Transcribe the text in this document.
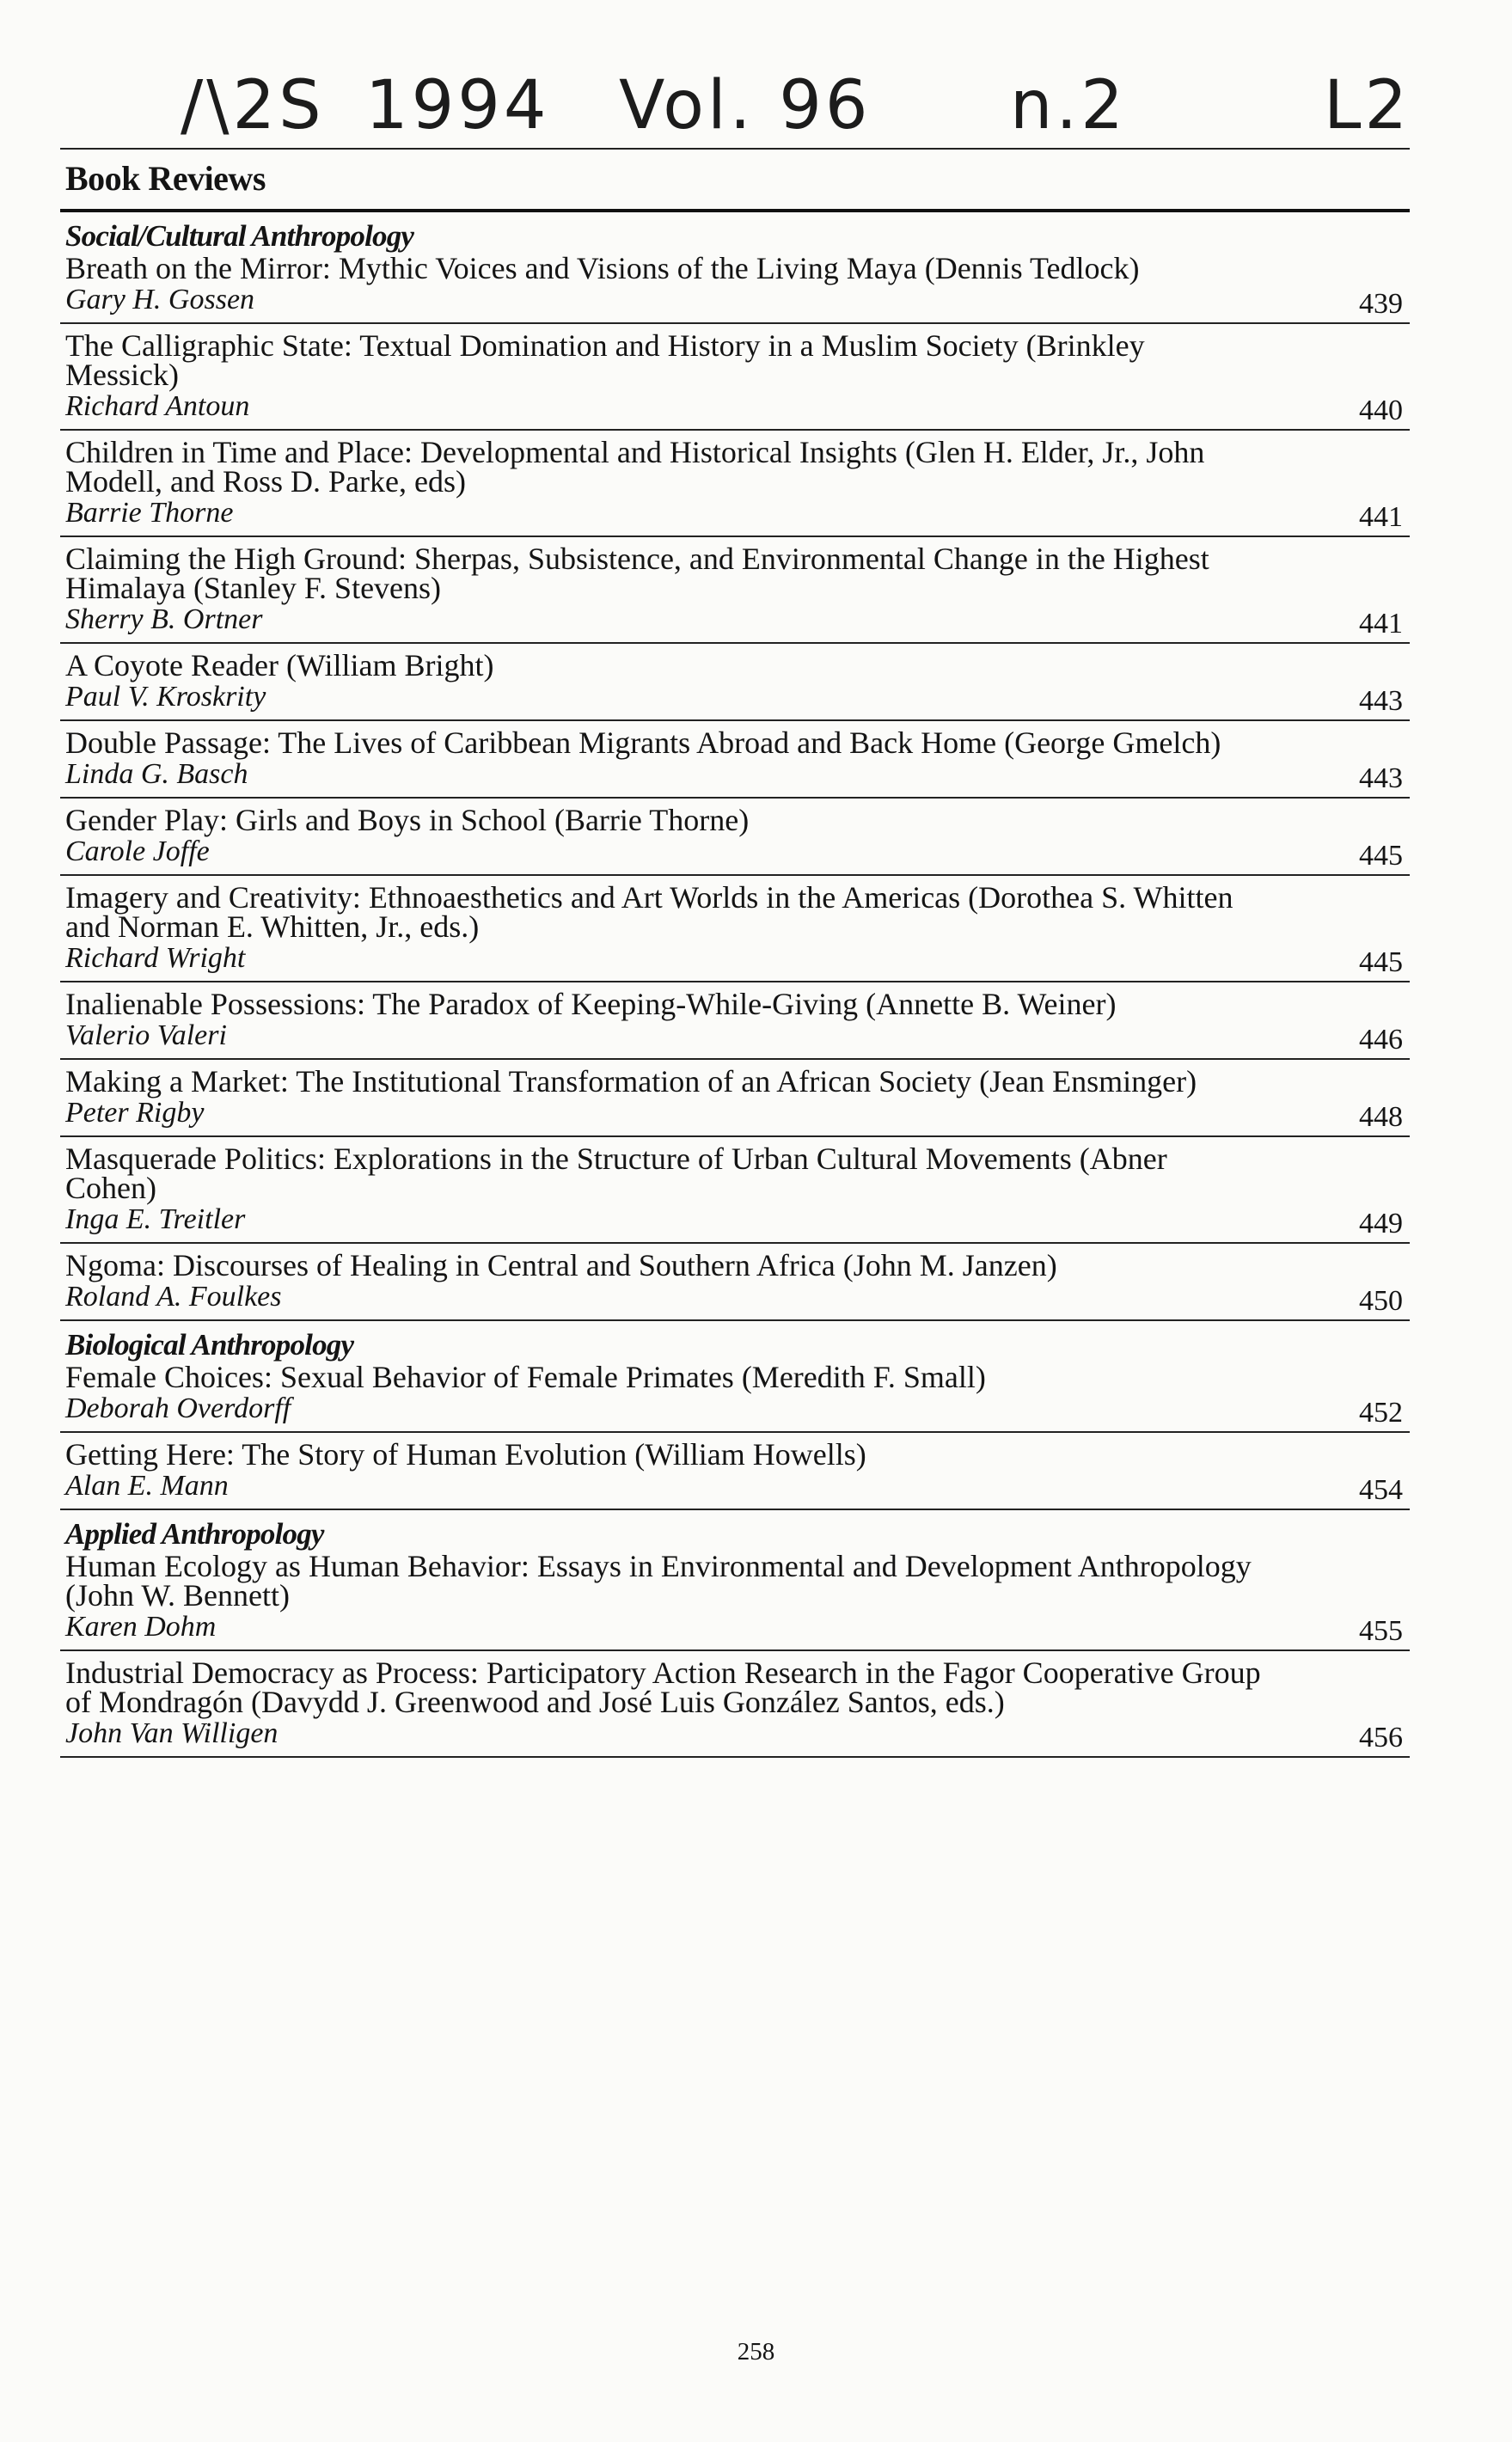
/\2S 1994 Vol. 96 n.2	L2
Book Reviews
Social/Cultural Anthropology
Breath on the Mirror: Mythic Voices and Visions of the Living Maya (Dennis Tedlock)
Gary H. Gossen	439
The Calligraphic State: Textual Domination and History in a Muslim Society (Brinkley Messick)
Richard Antoun	440
Children in Time and Place: Developmental and Historical Insights (Glen H. Elder, Jr., John Modell, and Ross D. Parke, eds)
Barrie Thorne	441
Claiming the High Ground: Sherpas, Subsistence, and Environmental Change in the Highest Himalaya (Stanley F. Stevens)
Sherry B. Ortner	441
A Coyote Reader (William Bright)
Paul V. Kroskrity	443
Double Passage: The Lives of Caribbean Migrants Abroad and Back Home (George Gmelch)
Linda G. Basch	443
Gender Play: Girls and Boys in School (Barrie Thorne)
Carole Joffe	445
Imagery and Creativity: Ethnoaesthetics and Art Worlds in the Americas (Dorothea S. Whitten and Norman E. Whitten, Jr., eds.)
Richard Wright	445
Inalienable Possessions: The Paradox of Keeping-While-Giving (Annette B. Weiner)
Valerio Valeri	446
Making a Market: The Institutional Transformation of an African Society (Jean Ensminger)
Peter Rigby	448
Masquerade Politics: Explorations in the Structure of Urban Cultural Movements (Abner Cohen)
Inga E. Treitler	449
Ngoma: Discourses of Healing in Central and Southern Africa (John M. Janzen)
Roland A. Foulkes	450
Biological Anthropology
Female Choices: Sexual Behavior of Female Primates (Meredith F. Small)
Deborah Overdorff	452
Getting Here: The Story of Human Evolution (William Howells)
Alan E. Mann	454
Applied Anthropology
Human Ecology as Human Behavior: Essays in Environmental and Development Anthropology (John W. Bennett)
Karen Dohm	455
Industrial Democracy as Process: Participatory Action Research in the Fagor Cooperative Group of Mondragón (Davydd J. Greenwood and José Luis González Santos, eds.)
John Van Willigen	456
258
